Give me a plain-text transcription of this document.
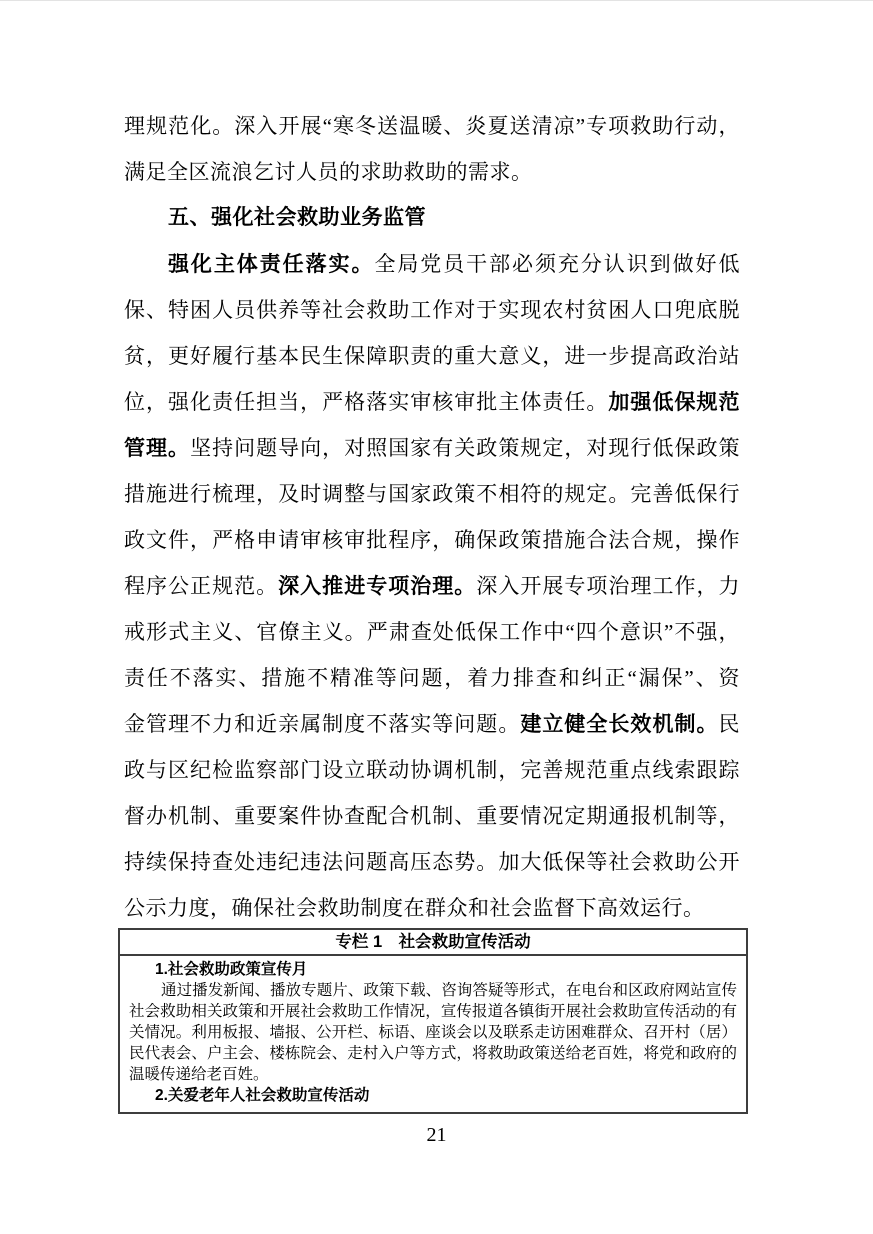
理规范化。深入开展“寒冬送温暖、炎夏送清凉”专项救助行动，
满足全区流浪乞讨人员的求助救助的需求。
五、强化社会救助业务监管
强化主体责任落实。全局党员干部必须充分认识到做好低
保、特困人员供养等社会救助工作对于实现农村贫困人口兜底脱
贫，更好履行基本民生保障职责的重大意义，进一步提高政治站
位，强化责任担当，严格落实审核审批主体责任。加强低保规范
管理。坚持问题导向，对照国家有关政策规定，对现行低保政策
措施进行梳理，及时调整与国家政策不相符的规定。完善低保行
政文件，严格申请审核审批程序，确保政策措施合法合规，操作
程序公正规范。深入推进专项治理。深入开展专项治理工作，力
戒形式主义、官僚主义。严肃查处低保工作中“四个意识”不强，
责任不落实、措施不精准等问题，着力排查和纠正“漏保”、资
金管理不力和近亲属制度不落实等问题。建立健全长效机制。民
政与区纪检监察部门设立联动协调机制，完善规范重点线索跟踪
督办机制、重要案件协查配合机制、重要情况定期通报机制等，
持续保持查处违纪违法问题高压态势。加大低保等社会救助公开
公示力度，确保社会救助制度在群众和社会监督下高效运行。
专栏 1　社会救助宣传活动
1.社会救助政策宣传月
通过播发新闻、播放专题片、政策下载、咨询答疑等形式，在电台和区政府网站宣传社会救助相关政策和开展社会救助工作情况，宣传报道各镇街开展社会救助宣传活动的有关情况。利用板报、墙报、公开栏、标语、座谈会以及联系走访困难群众、召开村（居）民代表会、户主会、楼栋院会、走村入户等方式，将救助政策送给老百姓，将党和政府的温暖传递给老百姓。
2.关爱老年人社会救助宣传活动
21
